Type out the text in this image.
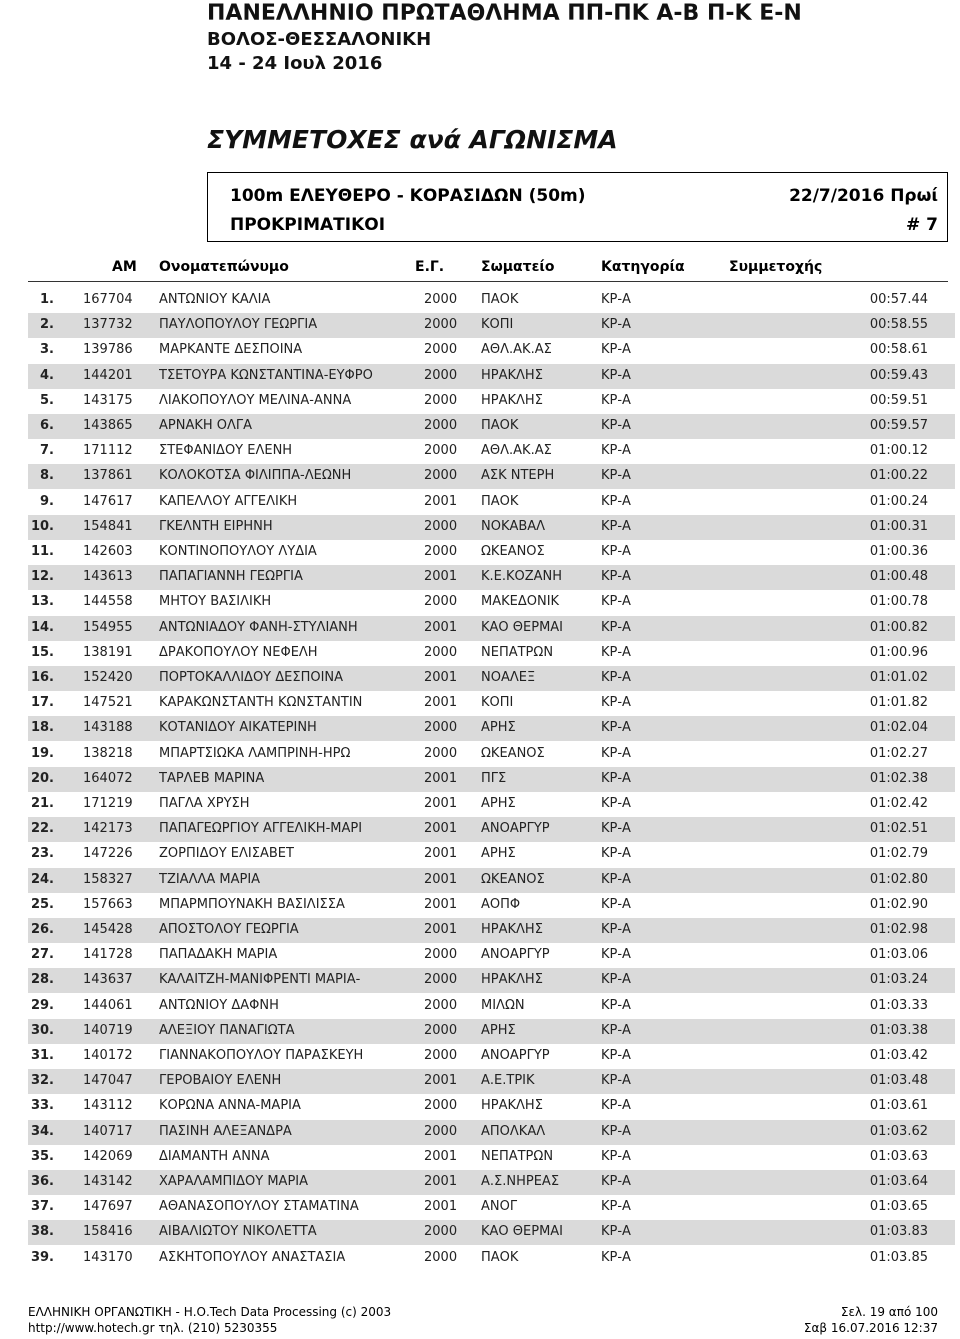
ΠΑΝΕΛΛΗΝΙΟ ΠΡΩΤΑΘΛΗΜΑ ΠΠ-ΠΚ Α-Β Π-Κ Ε-Ν
ΒΟΛΟΣ-ΘΕΣΣΑΛΟΝΙΚΗ
14 - 24 Ιουλ 2016
ΣΥΜΜΕΤΟΧΕΣ ανά ΑΓΩΝΙΣΜΑ
100m ΕΛΕΥΘΕΡΟ - ΚΟΡΑΣΙΔΩΝ (50m)	22/7/2016 Πρωί
ΠΡΟΚΡΙΜΑΤΙΚΟΙ	# 7
AM Ονοματεπώνυμο	Ε.Γ.	Σωματείο	Κατηγορία	Συμμετοχής
1. 167704 ΑΝΤΩΝΙΟΥ ΚΑΛΙΑ	2000 ΠΑΟΚ	ΚΡ-Α	00:57.44
2. 137732 ΠΑΥΛΟΠΟΥΛΟΥ ΓΕΩΡΓΙΑ	2000 ΚΟΠΙ	ΚΡ-Α	00:58.55
3. 139786 ΜΑΡΚΑΝΤΕ ΔΕΣΠΟΙΝΑ	2000 ΑΘΛ.ΑΚ.ΑΣ	ΚΡ-Α	00:58.61
4. 144201 ΤΣΕΤΟΥΡΑ ΚΩΝΣΤΑΝΤΙΝΑ-ΕΥΦΡΟ	2000 ΗΡΑΚΛΗΣ	ΚΡ-Α	00:59.43
5. 143175 ΛΙΑΚΟΠΟΥΛΟΥ ΜΕΛΙΝΑ-ΑΝΝΑ	2000 ΗΡΑΚΛΗΣ	ΚΡ-Α	00:59.51
6. 143865 ΑΡΝΑΚΗ ΟΛΓΑ	2000 ΠΑΟΚ	ΚΡ-Α	00:59.57
7. 171112 ΣΤΕΦΑΝΙΔΟΥ ΕΛΕΝΗ	2000 ΑΘΛ.ΑΚ.ΑΣ	ΚΡ-Α	01:00.12
8. 137861 ΚΟΛΟΚΟΤΣΑ ΦΙΛΙΠΠΑ-ΛΕΩΝΗ	2000 ΑΣΚ ΝΤΕΡΗ	ΚΡ-Α	01:00.22
9. 147617 ΚΑΠΕΛΛΟΥ ΑΓΓΕΛΙΚΗ	2001 ΠΑΟΚ	ΚΡ-Α	01:00.24
10. 154841 ΓΚΕΛΝΤΗ ΕΙΡΗΝΗ	2000 ΝΟΚΑΒΑΛ	ΚΡ-Α	01:00.31
11. 142603 ΚΟΝΤΙΝΟΠΟΥΛΟΥ ΛΥΔΙΑ	2000 ΩΚΕΑΝΟΣ	ΚΡ-Α	01:00.36
12. 143613 ΠΑΠΑΓΙΑΝΝΗ ΓΕΩΡΓΙΑ	2001 Κ.Ε.ΚΟΖΑΝΗ	ΚΡ-Α	01:00.48
13. 144558 ΜΗΤΟΥ ΒΑΣΙΛΙΚΗ	2000 ΜΑΚΕΔΟΝΙΚ	ΚΡ-Α	01:00.78
14. 154955 ΑΝΤΩΝΙΑΔΟΥ ΦΑΝΗ-ΣΤΥΛΙΑΝΗ	2001 ΚΑΟ ΘΕΡΜΑΙ	ΚΡ-Α	01:00.82
15. 138191 ΔΡΑΚΟΠΟΥΛΟΥ ΝΕΦΕΛΗ	2000 ΝΕΠΑΤΡΩΝ	ΚΡ-Α	01:00.96
16. 152420 ΠΟΡΤΟΚΑΛΛΙΔΟΥ ΔΕΣΠΟΙΝΑ	2001 ΝΟΑΛΕΞ	ΚΡ-Α	01:01.02
17. 147521 ΚΑΡΑΚΩΝΣΤΑΝΤΗ ΚΩΝΣΤΑΝΤΙΝ	2001 ΚΟΠΙ	ΚΡ-Α	01:01.82
18. 143188 ΚΟΤΑΝΙΔΟΥ ΑΙΚΑΤΕΡΙΝΗ	2000 ΑΡΗΣ	ΚΡ-Α	01:02.04
19. 138218 ΜΠΑΡΤΣΙΩΚΑ ΛΑΜΠΡΙΝΗ-ΗΡΩ	2000 ΩΚΕΑΝΟΣ	ΚΡ-Α	01:02.27
20. 164072 ΤΑΡΛΕΒ ΜΑΡΙΝΑ	2001 ΠΓΣ	ΚΡ-Α	01:02.38
21. 171219 ΠΑΓΛΑ ΧΡΥΣΗ	2001 ΑΡΗΣ	ΚΡ-Α	01:02.42
22. 142173 ΠΑΠΑΓΕΩΡΓΙΟΥ ΑΓΓΕΛΙΚΗ-ΜΑΡΙ	2001 ΑΝΟΑΡΓΥΡ	ΚΡ-Α	01:02.51
23. 147226 ΖΟΡΠΙΔΟΥ ΕΛΙΣΑΒΕΤ	2001 ΑΡΗΣ	ΚΡ-Α	01:02.79
24. 158327 ΤΖΙΑΛΛΑ ΜΑΡΙΑ	2001 ΩΚΕΑΝΟΣ	ΚΡ-Α	01:02.80
25. 157663 ΜΠΑΡΜΠΟΥΝΑΚΗ ΒΑΣΙΛΙΣΣΑ	2001 ΑΟΠΦ	ΚΡ-Α	01:02.90
26. 145428 ΑΠΟΣΤΟΛΟΥ ΓΕΩΡΓΙΑ	2001 ΗΡΑΚΛΗΣ	ΚΡ-Α	01:02.98
27. 141728 ΠΑΠΑΔΑΚΗ ΜΑΡΙΑ	2000 ΑΝΟΑΡΓΥΡ	ΚΡ-Α	01:03.06
28. 143637 ΚΑΛΑΙΤΖΗ-ΜΑΝΙΦΡΕΝΤΙ ΜΑΡΙΑ-	2000 ΗΡΑΚΛΗΣ	ΚΡ-Α	01:03.24
29. 144061 ΑΝΤΩΝΙΟΥ ΔΑΦΝΗ	2000 ΜΙΛΩΝ	ΚΡ-Α	01:03.33
30. 140719 ΑΛΕΞΙΟΥ ΠΑΝΑΓΙΩΤΑ	2000 ΑΡΗΣ	ΚΡ-Α	01:03.38
31. 140172 ΓΙΑΝΝΑΚΟΠΟΥΛΟΥ ΠΑΡΑΣΚΕΥΗ	2000 ΑΝΟΑΡΓΥΡ	ΚΡ-Α	01:03.42
32. 147047 ΓΕΡΟΒΑΙΟΥ ΕΛΕΝΗ	2001 Α.Ε.ΤΡΙΚ	ΚΡ-Α	01:03.48
33. 143112 ΚΟΡΩΝΑ ΑΝΝΑ-ΜΑΡΙΑ	2000 ΗΡΑΚΛΗΣ	ΚΡ-Α	01:03.61
34. 140717 ΠΑΣΙΝΗ ΑΛΕΞΑΝΔΡΑ	2000 ΑΠΟΛΚΑΛ	ΚΡ-Α	01:03.62
35. 142069 ΔΙΑΜΑΝΤΗ ΑΝΝΑ	2001 ΝΕΠΑΤΡΩΝ	ΚΡ-Α	01:03.63
36. 143142 ΧΑΡΑΛΑΜΠΙΔΟΥ ΜΑΡΙΑ	2001 Α.Σ.ΝΗΡΕΑΣ	ΚΡ-Α	01:03.64
37. 147697 ΑΘΑΝΑΣΟΠΟΥΛΟΥ ΣΤΑΜΑΤΙΝΑ	2001 ΑΝΟΓ	ΚΡ-Α	01:03.65
38. 158416 ΑΙΒΑΛΙΩΤΟΥ ΝΙΚΟΛΕΤΤΑ	2000 ΚΑΟ ΘΕΡΜΑΙ	ΚΡ-Α	01:03.83
39. 143170 ΑΣΚΗΤΟΠΟΥΛΟΥ ΑΝΑΣΤΑΣΙΑ	2000 ΠΑΟΚ	ΚΡ-Α	01:03.85
ΕΛΛΗΝΙΚΗ ΟΡΓΑΝΩΤΙΚΗ - Η.Ο.Tech Data Processing (c) 2003
http://www.hotech.gr τηλ. (210) 5230355
Σελ. 19 από 100
Σαβ 16.07.2016 12:37
